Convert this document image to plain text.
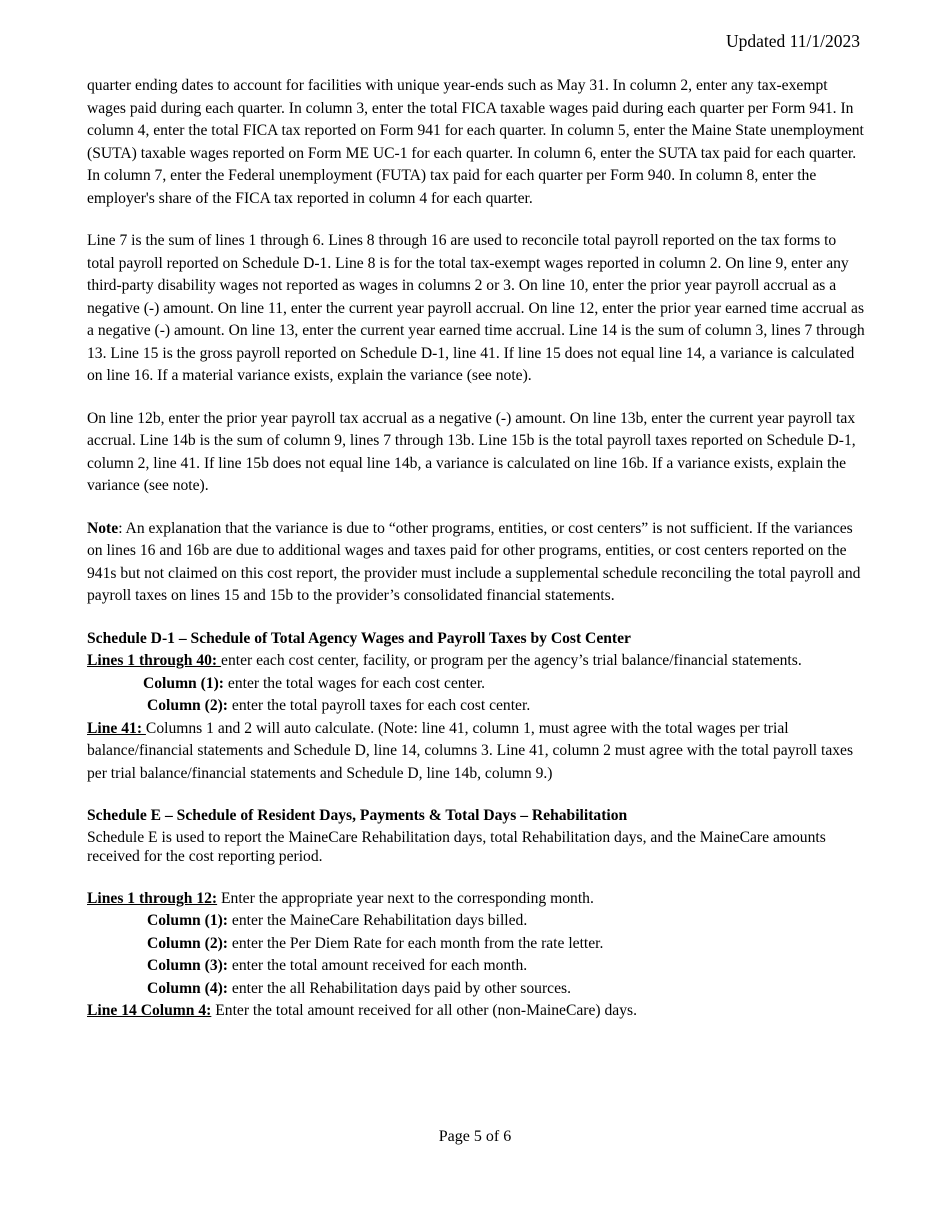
Updated 11/1/2023

quarter ending dates to account for facilities with unique year-ends such as May 31. In column 2, enter any tax-exempt wages paid during each quarter. In column 3, enter the total FICA taxable wages paid during each quarter per Form 941. In column 4, enter the total FICA tax reported on Form 941 for each quarter. In column 5, enter the Maine State unemployment (SUTA) taxable wages reported on Form ME UC-1 for each quarter. In column 6, enter the SUTA tax paid for each quarter. In column 7, enter the Federal unemployment (FUTA) tax paid for each quarter per Form 940. In column 8, enter the employer's share of the FICA tax reported in column 4 for each quarter.

Line 7 is the sum of lines 1 through 6. Lines 8 through 16 are used to reconcile total payroll reported on the tax forms to total payroll reported on Schedule D-1. Line 8 is for the total tax-exempt wages reported in column 2. On line 9, enter any third-party disability wages not reported as wages in columns 2 or 3. On line 10, enter the prior year payroll accrual as a negative (-) amount. On line 11, enter the current year payroll accrual. On line 12, enter the prior year earned time accrual as a negative (-) amount. On line 13, enter the current year earned time accrual. Line 14 is the sum of column 3, lines 7 through 13. Line 15 is the gross payroll reported on Schedule D-1, line 41. If line 15 does not equal line 14, a variance is calculated on line 16. If a material variance exists, explain the variance (see note).

On line 12b, enter the prior year payroll tax accrual as a negative (-) amount. On line 13b, enter the current year payroll tax accrual. Line 14b is the sum of column 9, lines 7 through 13b. Line 15b is the total payroll taxes reported on Schedule D-1, column 2, line 41. If line 15b does not equal line 14b, a variance is calculated on line 16b. If a variance exists, explain the variance (see note).

Note: An explanation that the variance is due to “other programs, entities, or cost centers” is not sufficient. If the variances on lines 16 and 16b are due to additional wages and taxes paid for other programs, entities, or cost centers reported on the 941s but not claimed on this cost report, the provider must include a supplemental schedule reconciling the total payroll and payroll taxes on lines 15 and 15b to the provider’s consolidated financial statements.

Schedule D-1 – Schedule of Total Agency Wages and Payroll Taxes by Cost Center

Lines 1 through 40: enter each cost center, facility, or program per the agency’s trial balance/financial statements.

Column (1): enter the total wages for each cost center.

Column (2): enter the total payroll taxes for each cost center.

Line 41: Columns 1 and 2 will auto calculate. (Note: line 41, column 1, must agree with the total wages per trial balance/financial statements and Schedule D, line 14, columns 3. Line 41, column 2 must agree with the total payroll taxes per trial balance/financial statements and Schedule D, line 14b, column 9.)

Schedule E – Schedule of Resident Days, Payments & Total Days – Rehabilitation

Schedule E is used to report the MaineCare Rehabilitation days, total Rehabilitation days, and the MaineCare amounts received for the cost reporting period.

Lines 1 through 12: Enter the appropriate year next to the corresponding month.

Column (1): enter the MaineCare Rehabilitation days billed.

Column (2): enter the Per Diem Rate for each month from the rate letter.

Column (3): enter the total amount received for each month.

Column (4): enter the all Rehabilitation days paid by other sources.

Line 14 Column 4: Enter the total amount received for all other (non-MaineCare) days.

Page 5 of 6
